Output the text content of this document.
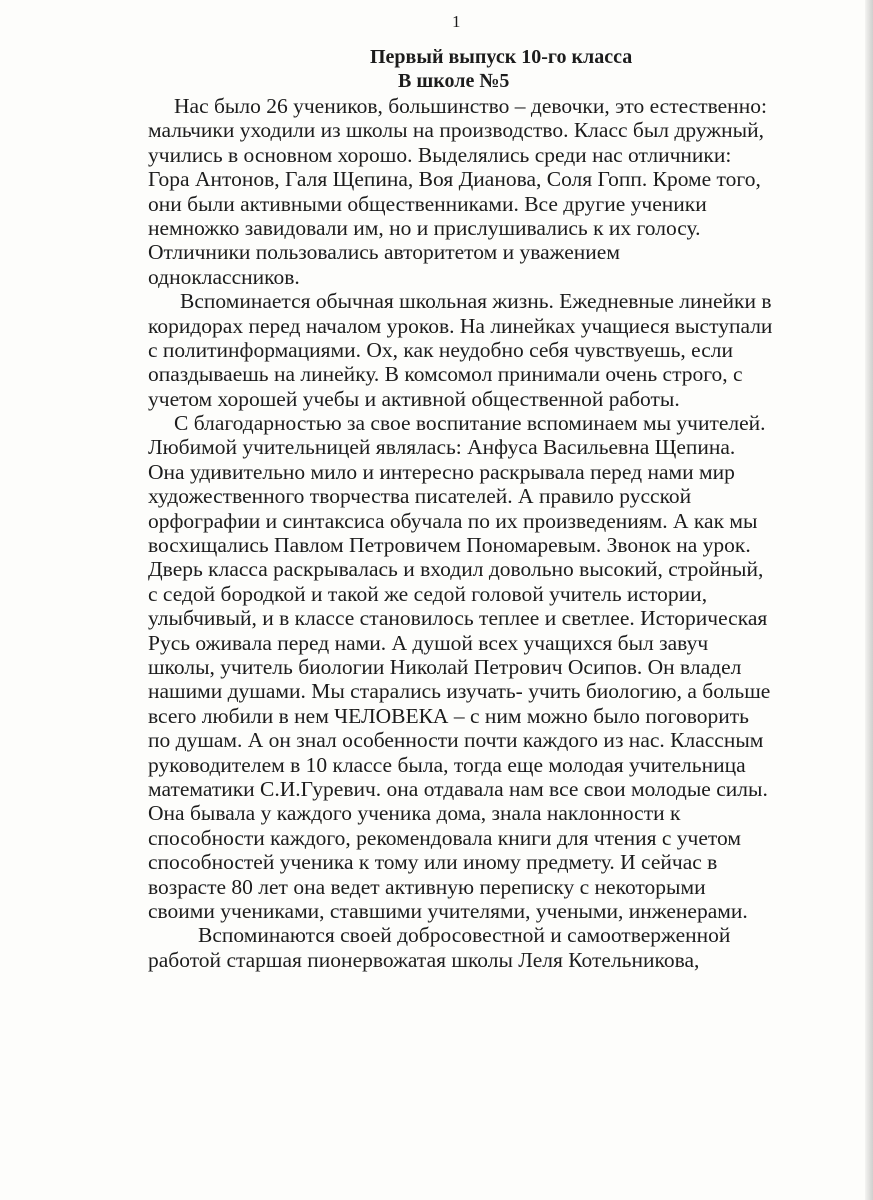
1
Первый выпуск 10-го класса
В школе №5
Нас было 26 учеников, большинство – девочки, это естественно:
мальчики уходили из школы на производство. Класс был дружный,
учились в основном хорошо. Выделялись среди нас отличники:
Гора Антонов, Галя Щепина, Воя Дианова, Соля Гопп. Кроме того,
они были активными общественниками. Все другие ученики
немножко завидовали им, но и прислушивались к их голосу.
Отличники пользовались авторитетом и уважением
одноклассников.
Вспоминается обычная школьная жизнь. Ежедневные линейки в
коридорах перед началом уроков. На линейках учащиеся выступали
с политинформациями. Ох, как неудобно себя чувствуешь, если
опаздываешь на линейку. В комсомол принимали очень строго, с
учетом хорошей учебы и активной общественной работы.
С благодарностью за свое воспитание вспоминаем мы учителей.
Любимой учительницей являлась: Анфуса Васильевна Щепина.
Она удивительно мило и интересно раскрывала перед нами мир
художественного творчества писателей. А правило русской
орфографии и синтаксиса обучала по их произведениям. А как мы
восхищались Павлом Петровичем Пономаревым. Звонок на урок.
Дверь класса раскрывалась и входил довольно высокий, стройный,
с седой бородкой и такой же седой головой учитель истории,
улыбчивый, и в классе становилось теплее и светлее. Историческая
Русь оживала перед нами. А душой всех учащихся был завуч
школы, учитель биологии Николай Петрович Осипов. Он владел
нашими душами. Мы старались изучать- учить биологию, а больше
всего любили в нем ЧЕЛОВЕКА – с ним можно было поговорить
по душам. А он знал особенности почти каждого из нас. Классным
руководителем в 10 классе была, тогда еще молодая учительница
математики С.И.Гуревич. она отдавала нам все свои молодые силы.
Она бывала у каждого ученика дома, знала наклонности к
способности каждого, рекомендовала книги для чтения с учетом
способностей ученика к тому или иному предмету. И сейчас в
возрасте 80 лет она ведет активную переписку с некоторыми
своими учениками, ставшими учителями, учеными, инженерами.
Вспоминаются своей добросовестной и самоотверженной
работой старшая пионервожатая школы Леля Котельникова,
